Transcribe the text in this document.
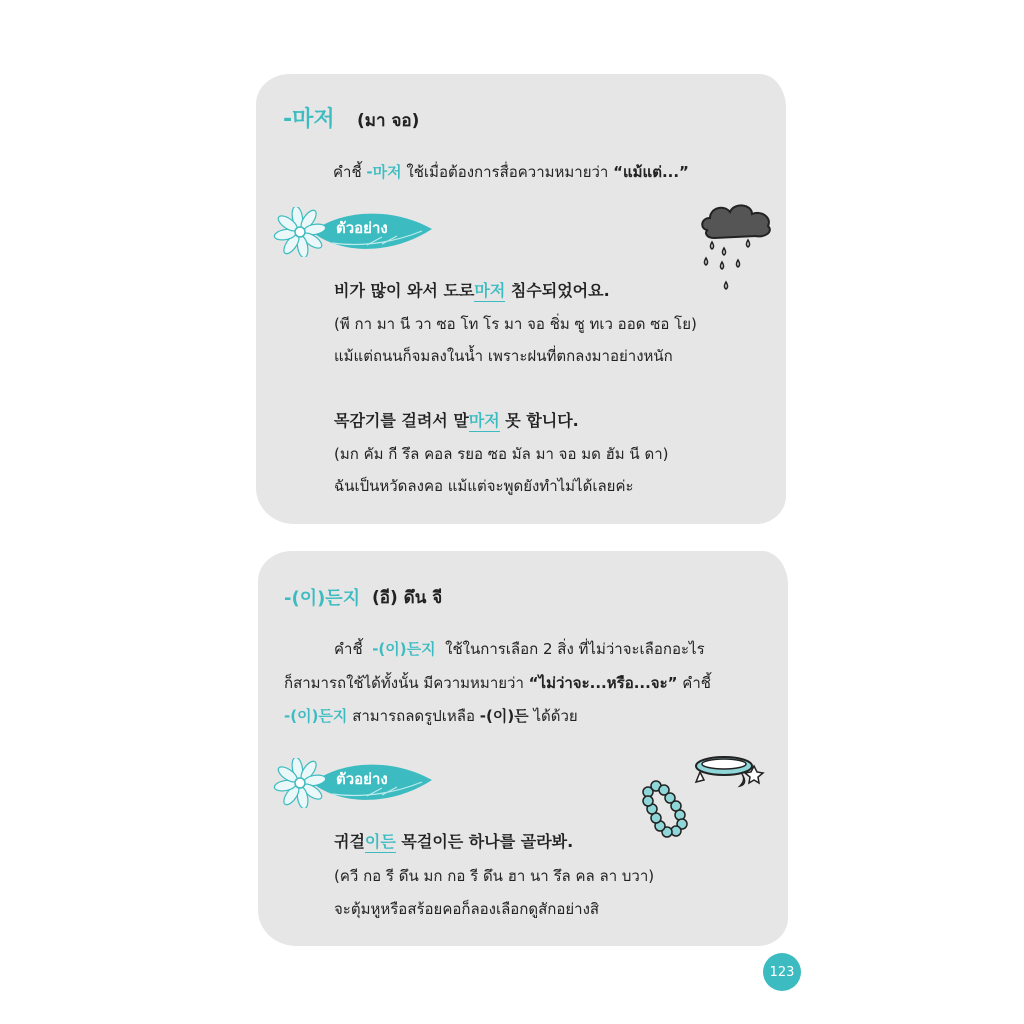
-마저 (มา จอ)
คำชี้ -마저 ใช้เมื่อต้องการสื่อความหมายว่า “แม้แต่...”
ตัวอย่าง
비가 많이 와서 도로마저 침수되었어요.
(พี กา มา นี วา ซอ โท โร มา จอ ชิ่ม ซู ทเว ออด ซอ โย)
แม้แต่ถนนก็จมลงในน้ำ เพราะฝนที่ตกลงมาอย่างหนัก
목감기를 걸려서 말마저 못 합니다.
(มก คัม กี รึล คอล รยอ ซอ มัล มา จอ มด ฮัม นี ดา)
ฉันเป็นหวัดลงคอ แม้แต่จะพูดยังทำไม่ได้เลยค่ะ
-(이)든지 (อี) ดึน จี
คำชี้ -(이)든지 ใช้ในการเลือก 2 สิ่ง ที่ไม่ว่าจะเลือกอะไร
ก็สามารถใช้ได้ทั้งนั้น มีความหมายว่า “ไม่ว่าจะ...หรือ...จะ” คำชี้
-(이)든지 สามารถลดรูปเหลือ -(이)든 ได้ด้วย
ตัวอย่าง
귀걸이든 목걸이든 하나를 골라봐.
(ควี กอ รี ดึน มก กอ รี ดึน ฮา นา รึล คล ลา บวา)
จะตุ้มหูหรือสร้อยคอก็ลองเลือกดูสักอย่างสิ
123
